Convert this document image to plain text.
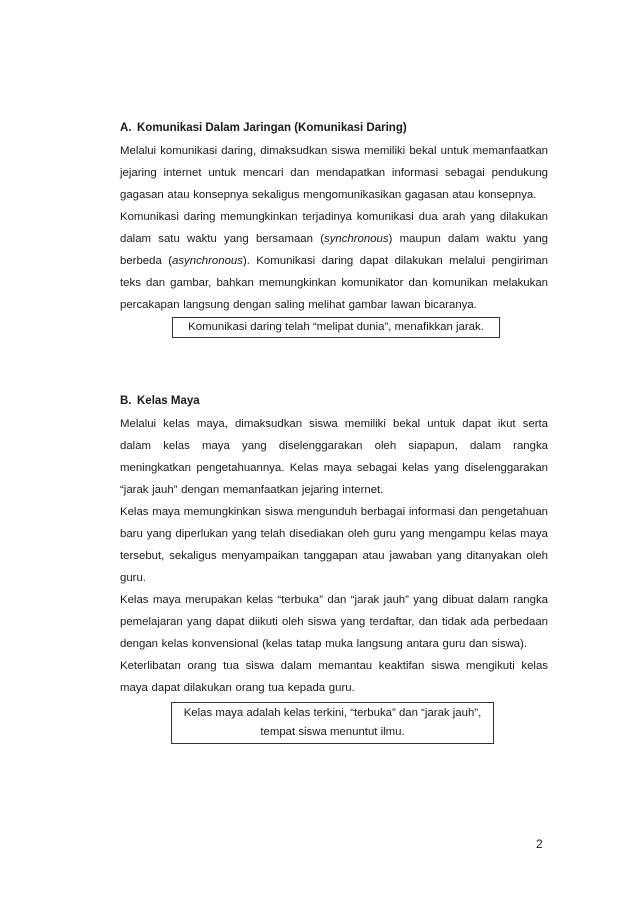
A. Komunikasi Dalam Jaringan (Komunikasi Daring)

Melalui komunikasi daring, dimaksudkan siswa memiliki bekal untuk memanfaatkan jejaring internet untuk mencari dan mendapatkan informasi sebagai pendukung gagasan atau konsepnya sekaligus mengomunikasikan gagasan atau konsepnya.

Komunikasi daring memungkinkan terjadinya komunikasi dua arah yang dilakukan dalam satu waktu yang bersamaan (synchronous) maupun dalam waktu yang berbeda (asynchronous). Komunikasi daring dapat dilakukan melalui pengiriman teks dan gambar, bahkan memungkinkan komunikator dan komunikan melakukan percakapan langsung dengan saling melihat gambar lawan bicaranya.

Komunikasi daring telah “melipat dunia”, menafikkan jarak.
B. Kelas Maya

Melalui kelas maya, dimaksudkan siswa memiliki bekal untuk dapat ikut serta dalam kelas maya yang diselenggarakan oleh siapapun, dalam rangka meningkatkan pengetahuannya. Kelas maya sebagai kelas yang diselenggarakan “jarak jauh” dengan memanfaatkan jejaring internet.

Kelas maya memungkinkan siswa mengunduh berbagai informasi dan pengetahuan baru yang diperlukan yang telah disediakan oleh guru yang mengampu kelas maya tersebut, sekaligus menyampaikan tanggapan atau jawaban yang ditanyakan oleh guru.

Kelas maya merupakan kelas “terbuka” dan “jarak jauh” yang dibuat dalam rangka pemelajaran yang dapat diikuti oleh siswa yang terdaftar, dan tidak ada perbedaan dengan kelas konvensional (kelas tatap muka langsung antara guru dan siswa).

Keterlibatan orang tua siswa dalam memantau keaktifan siswa mengikuti kelas maya dapat dilakukan orang tua kepada guru.

Kelas maya adalah kelas terkini, “terbuka” dan “jarak jauh”,
tempat siswa menuntut ilmu.
2
